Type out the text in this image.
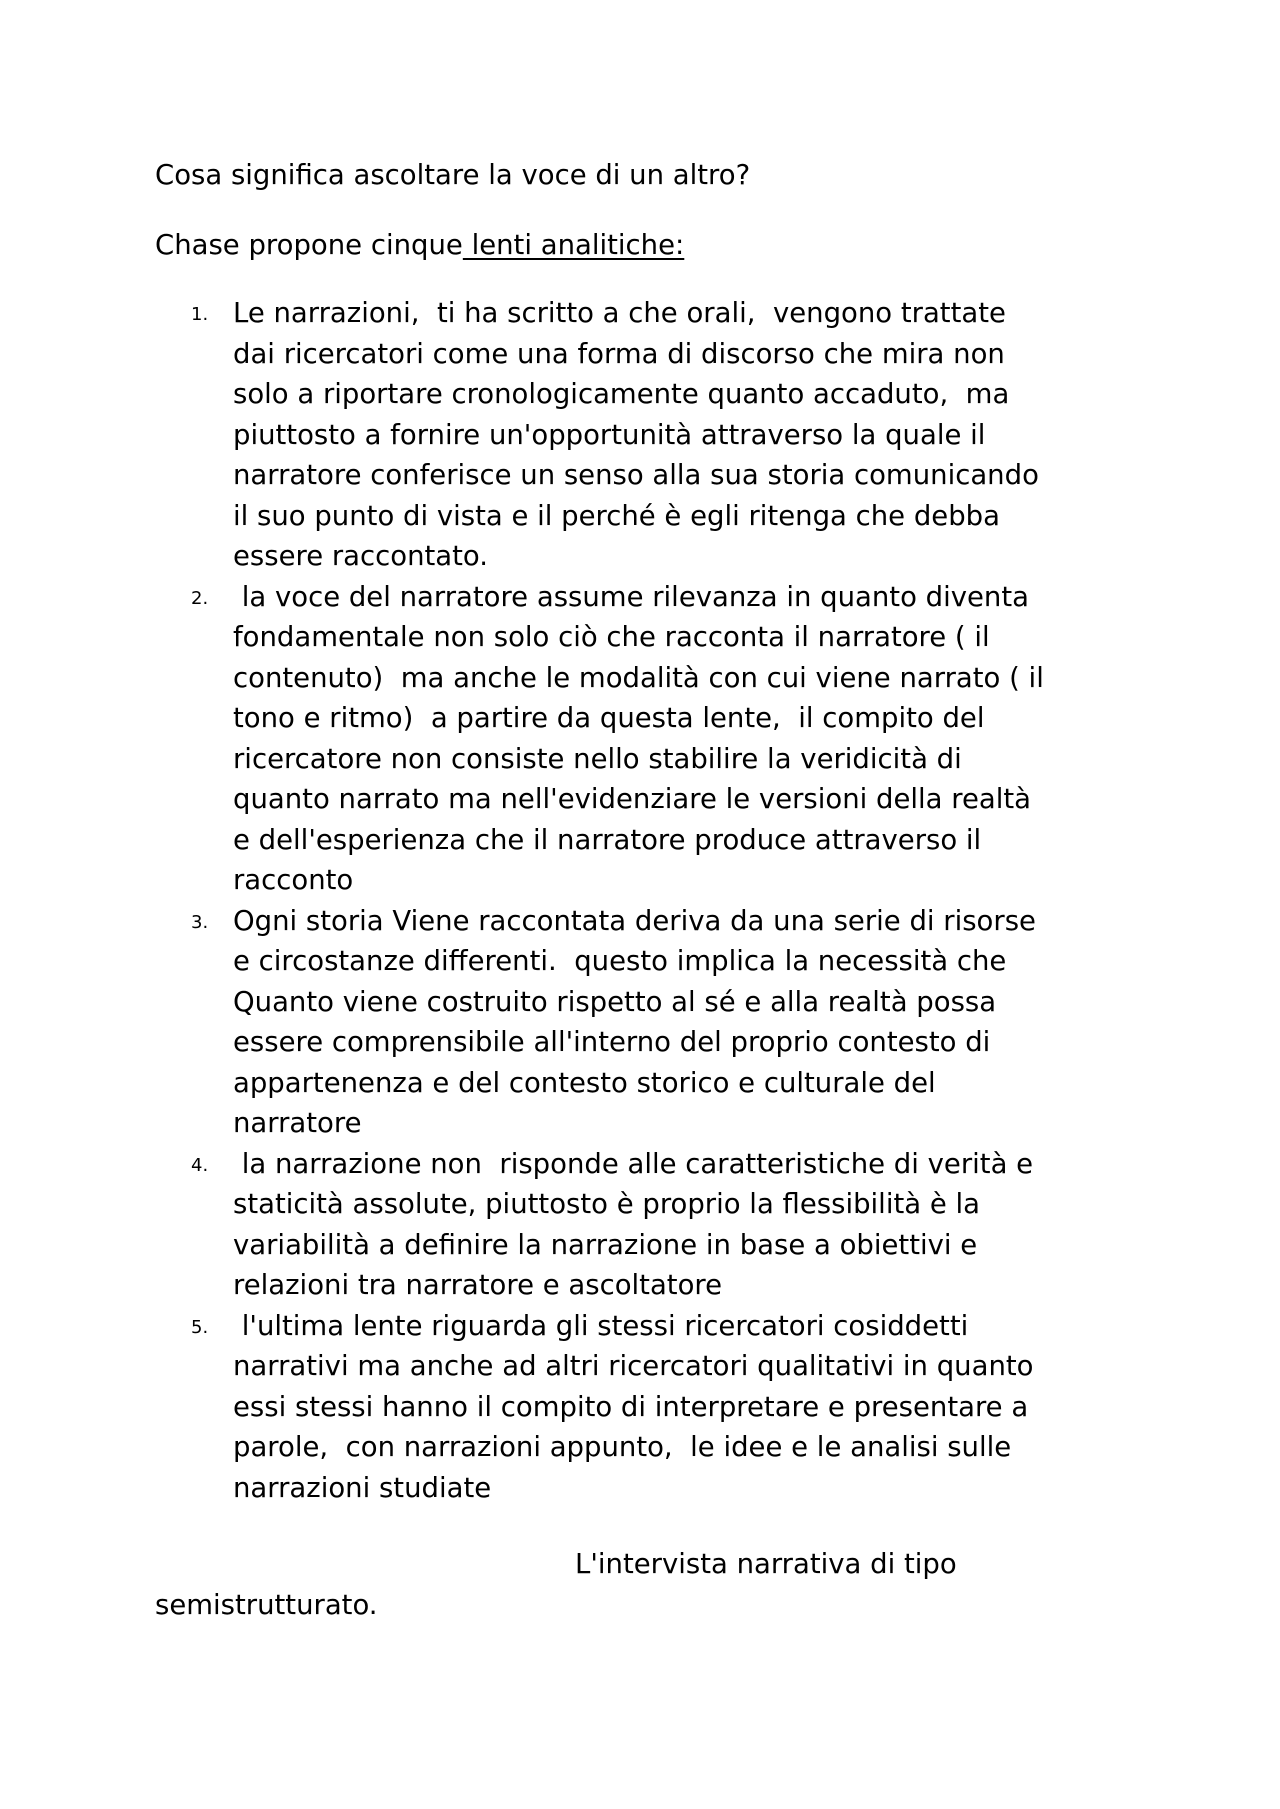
Cosa significa ascoltare la voce di un altro?

Chase propone cinque lenti analitiche:

1. Le narrazioni,  ti ha scritto a che orali,  vengono trattate
dai ricercatori come una forma di discorso che mira non
solo a riportare cronologicamente quanto accaduto,  ma
piuttosto a fornire un'opportunità attraverso la quale il
narratore conferisce un senso alla sua storia comunicando
il suo punto di vista e il perché è egli ritenga che debba
essere raccontato.
2. la voce del narratore assume rilevanza in quanto diventa
fondamentale non solo ciò che racconta il narratore ( il
contenuto)  ma anche le modalità con cui viene narrato ( il
tono e ritmo)  a partire da questa lente,  il compito del
ricercatore non consiste nello stabilire la veridicità di
quanto narrato ma nell'evidenziare le versioni della realtà
e dell'esperienza che il narratore produce attraverso il
racconto
3. Ogni storia Viene raccontata deriva da una serie di risorse
e circostanze differenti.  questo implica la necessità che
Quanto viene costruito rispetto al sé e alla realtà possa
essere comprensibile all'interno del proprio contesto di
appartenenza e del contesto storico e culturale del
narratore
4. la narrazione non  risponde alle caratteristiche di verità e
staticità assolute, piuttosto è proprio la flessibilità è la
variabilità a definire la narrazione in base a obiettivi e
relazioni tra narratore e ascoltatore
5. l'ultima lente riguarda gli stessi ricercatori cosiddetti
narrativi ma anche ad altri ricercatori qualitativi in quanto
essi stessi hanno il compito di interpretare e presentare a
parole,  con narrazioni appunto,  le idee e le analisi sulle
narrazioni studiate

L'intervista narrativa di tipo
semistrutturato.
